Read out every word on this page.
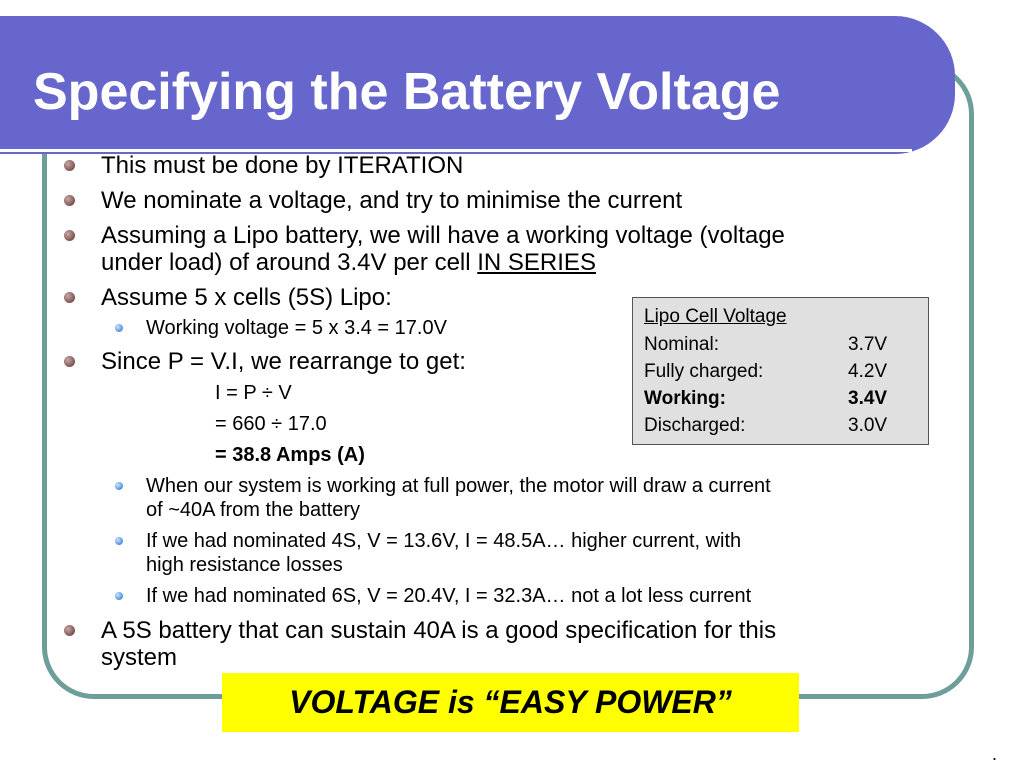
Specifying the Battery Voltage
This must be done by ITERATION
We nominate a voltage, and try to minimise the current
Assuming a Lipo battery, we will have a working voltage (voltage
under load) of around 3.4V per cell IN SERIES
Assume 5 x cells (5S) Lipo:
Working voltage = 5 x 3.4 = 17.0V
Since P = V.I, we rearrange to get:
I = P ÷ V
= 660 ÷ 17.0
= 38.8 Amps (A)
When our system is working at full power, the motor will draw a current
of ~40A from the battery
If we had nominated 4S, V = 13.6V, I = 48.5A… higher current, with
high resistance losses
If we had nominated 6S, V = 20.4V, I = 32.3A… not a lot less current
A 5S battery that can sustain 40A is a good specification for this
system
Lipo Cell Voltage
Nominal:	3.7V
Fully charged:	4.2V
Working:	3.4V
Discharged:	3.0V
VOLTAGE is “EASY POWER”
.
